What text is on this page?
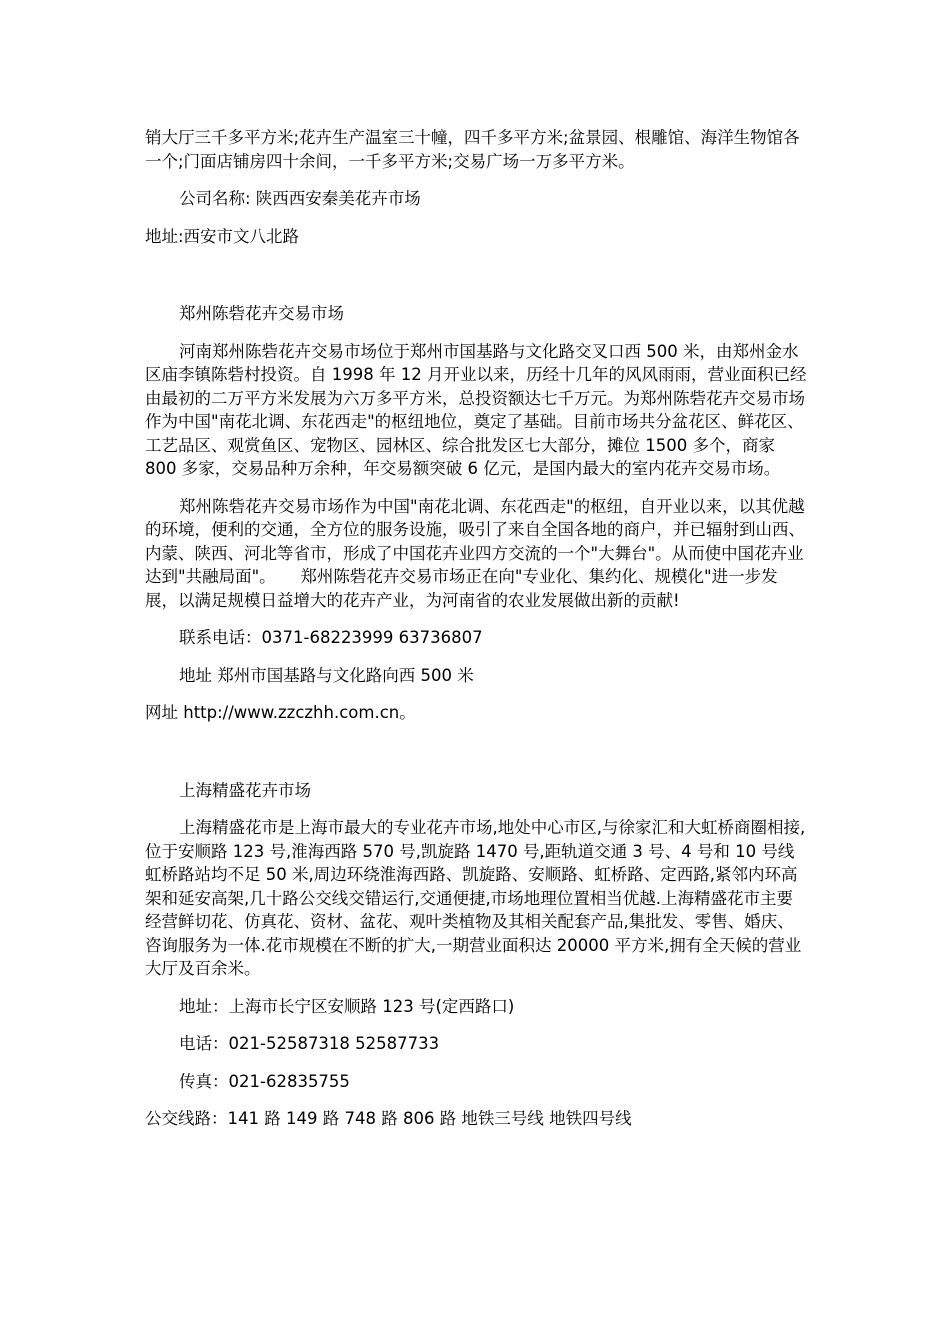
销大厅三千多平方米;花卉生产温室三十幢，四千多平方米;盆景园、根雕馆、海洋生物馆各一个;门面店铺房四十余间，一千多平方米;交易广场一万多平方米。

公司名称: 陕西西安秦美花卉市场

地址:西安市文八北路

郑州陈砦花卉交易市场

河南郑州陈砦花卉交易市场位于郑州市国基路与文化路交叉口西 500 米，由郑州金水区庙李镇陈砦村投资。自 1998 年 12 月开业以来，历经十几年的风风雨雨，营业面积已经由最初的二万平方米发展为六万多平方米，总投资额达七千万元。为郑州陈砦花卉交易市场作为中国"南花北调、东花西走"的枢纽地位，奠定了基础。目前市场共分盆花区、鲜花区、工艺品区、观赏鱼区、宠物区、园林区、综合批发区七大部分，摊位 1500 多个，商家 800 多家，交易品种万余种，年交易额突破 6 亿元，是国内最大的室内花卉交易市场。

郑州陈砦花卉交易市场作为中国"南花北调、东花西走"的枢纽，自开业以来，以其优越的环境，便利的交通，全方位的服务设施，吸引了来自全国各地的商户，并已辐射到山西、内蒙、陕西、河北等省市，形成了中国花卉业四方交流的一个"大舞台"。从而使中国花卉业达到"共融局面"。　　郑州陈砦花卉交易市场正在向"专业化、集约化、规模化"进一步发展，以满足规模日益增大的花卉产业，为河南省的农业发展做出新的贡献!

联系电话：0371-68223999 63736807

地址 郑州市国基路与文化路向西 500 米

网址 http://www.zzczhh.com.cn。

上海精盛花卉市场

上海精盛花市是上海市最大的专业花卉市场,地处中心市区,与徐家汇和大虹桥商圈相接,位于安顺路 123 号,淮海西路 570 号,凯旋路 1470 号,距轨道交通 3 号、4 号和 10 号线虹桥路站均不足 50 米,周边环绕淮海西路、凯旋路、安顺路、虹桥路、定西路,紧邻内环高架和延安高架,几十路公交线交错运行,交通便捷,市场地理位置相当优越.上海精盛花市主要经营鲜切花、仿真花、资材、盆花、观叶类植物及其相关配套产品,集批发、零售、婚庆、咨询服务为一体.花市规模在不断的扩大,一期营业面积达 20000 平方米,拥有全天候的营业大厅及百余米。

地址：上海市长宁区安顺路 123 号(定西路口)

电话：021-52587318 52587733

传真：021-62835755

公交线路：141 路 149 路 748 路 806 路 地铁三号线 地铁四号线
